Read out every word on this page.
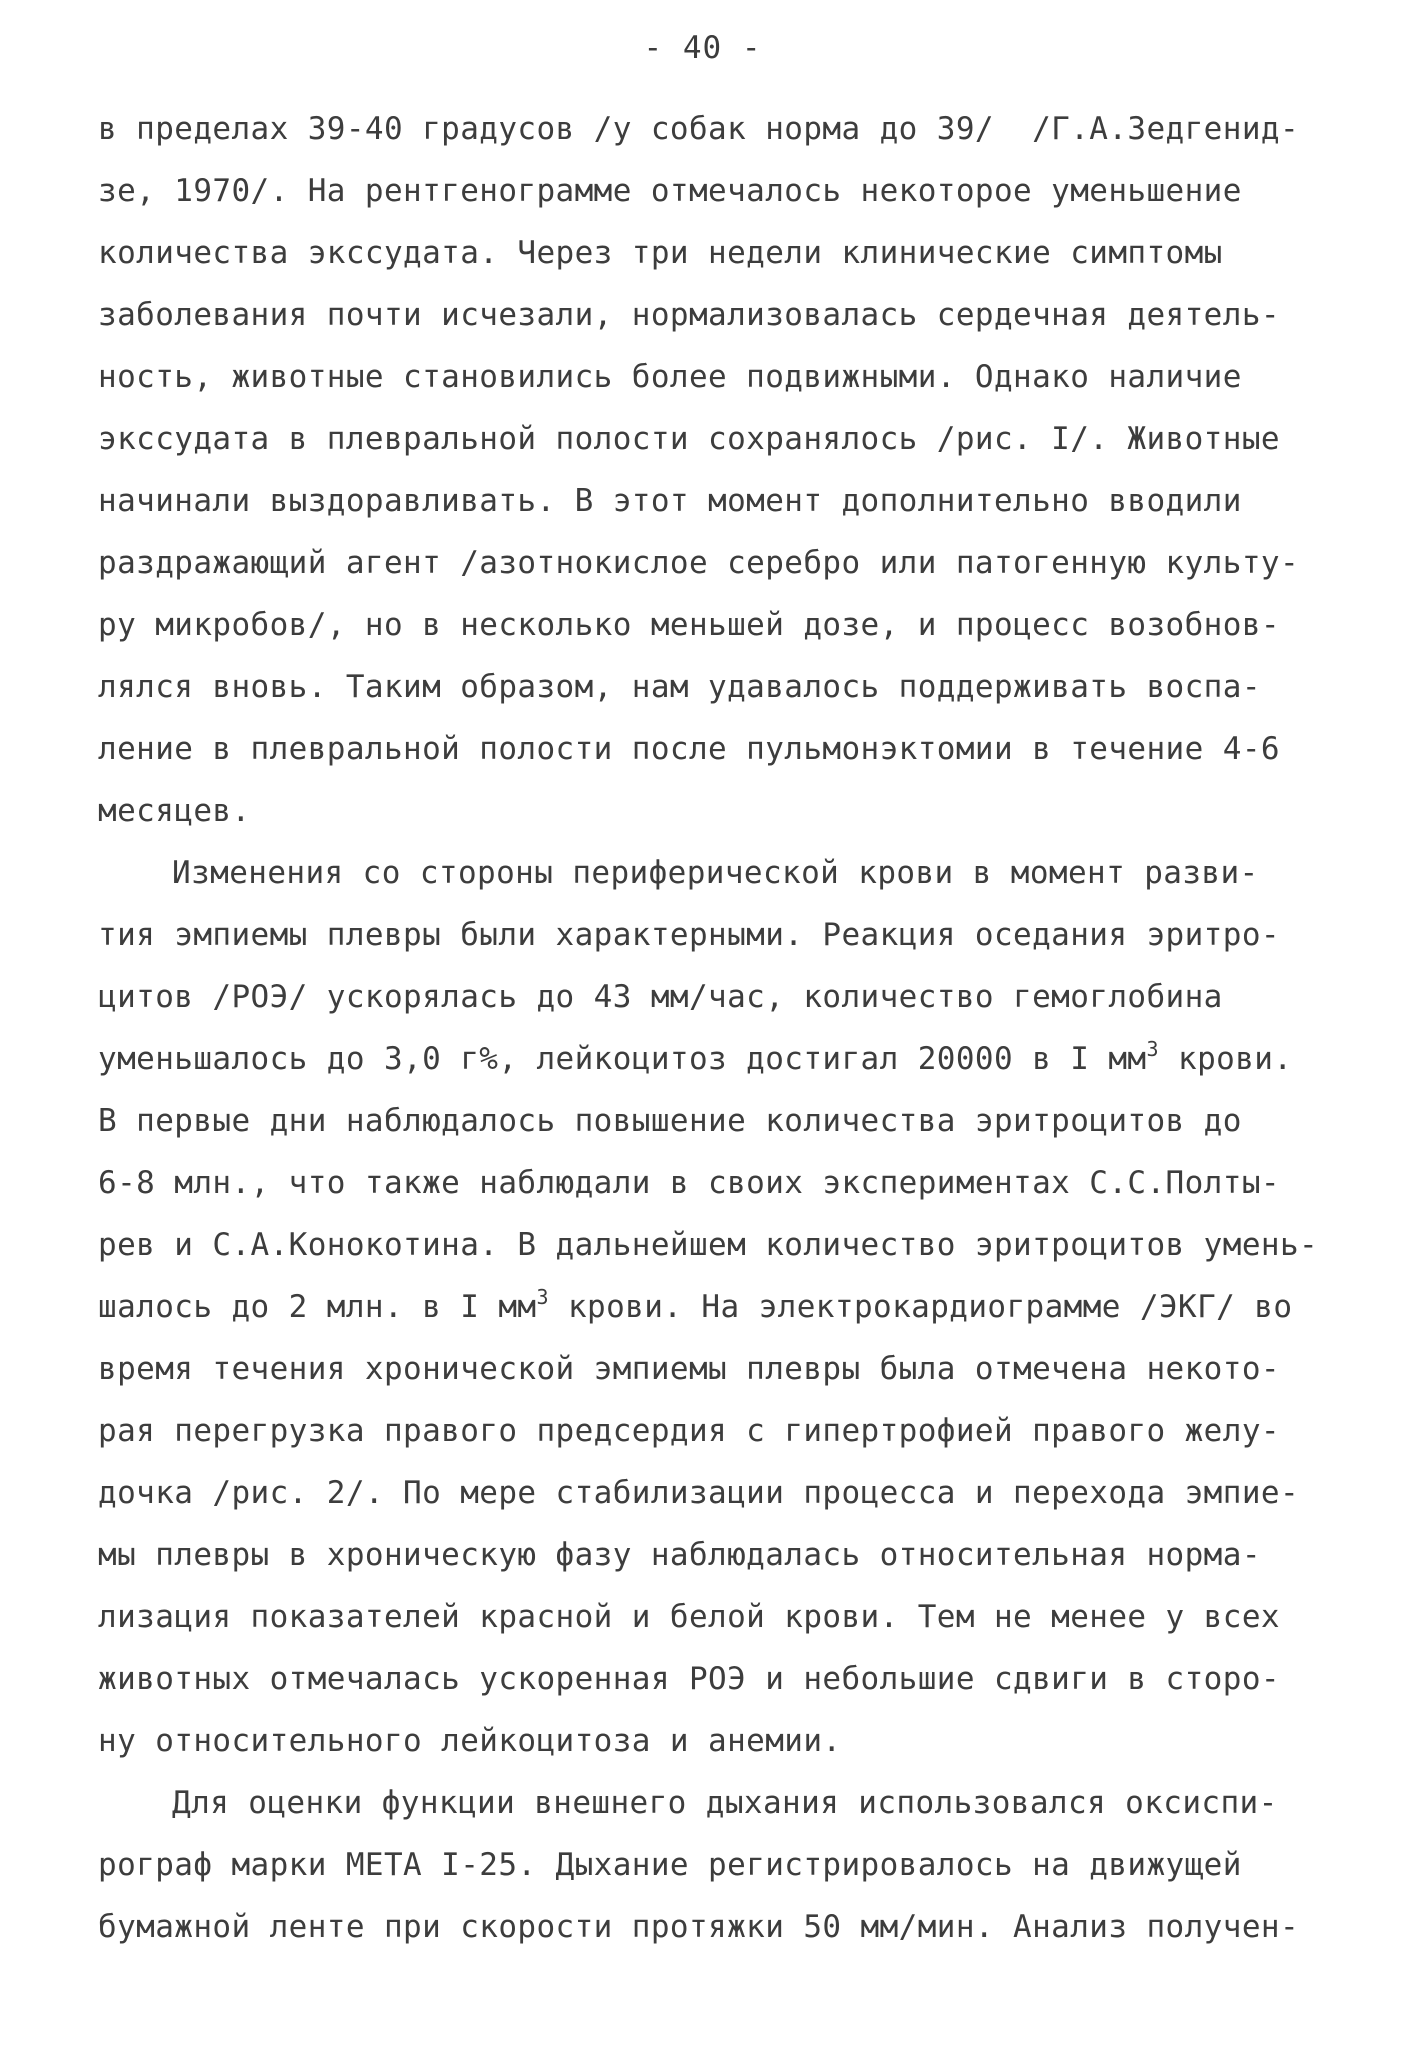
- 40 -
в пределах 39-40 градусов /у собак норма до 39/  /Г.А.Зедгенид-
зе, 1970/. На рентгенограмме отмечалось некоторое уменьшение
количества экссудата. Через три недели клинические симптомы
заболевания почти исчезали, нормализовалась сердечная деятель-
ность, животные становились более подвижными. Однако наличие
экссудата в плевральной полости сохранялось /рис. I/. Животные
начинали выздоравливать. В этот момент дополнительно вводили
раздражающий агент /азотнокислое серебро или патогенную культу-
ру микробов/, но в несколько меньшей дозе, и процесс возобнов-
лялся вновь. Таким образом, нам удавалось поддерживать воспа-
ление в плевральной полости после пульмонэктомии в течение 4-6
месяцев.
Изменения со стороны периферической крови в момент разви-
тия эмпиемы плевры были характерными. Реакция оседания эритро-
цитов /РОЭ/ ускорялась до 43 мм/час, количество гемоглобина
уменьшалось до 3,0 г%, лейкоцитоз достигал 20000 в I $мм^3$ крови.
В первые дни наблюдалось повышение количества эритроцитов до
6-8 млн., что также наблюдали в своих экспериментах С.С.Полты-
рев и С.А.Конокотина. В дальнейшем количество эритроцитов умень-
шалось до 2 млн. в I $мм^3$ крови. На электрокардиограмме /ЭКГ/ во
время течения хронической эмпиемы плевры была отмечена некото-
рая перегрузка правого предсердия с гипертрофией правого желу-
дочка /рис. 2/. По мере стабилизации процесса и перехода эмпие-
мы плевры в хроническую фазу наблюдалась относительная норма-
лизация показателей красной и белой крови. Тем не менее у всех
животных отмечалась ускоренная РОЭ и небольшие сдвиги в сторо-
ну относительного лейкоцитоза и анемии.
Для оценки функции внешнего дыхания использовался оксиспи-
рограф марки МЕТА I-25. Дыхание регистрировалось на движущей
бумажной ленте при скорости протяжки 50 мм/мин. Анализ получен-
